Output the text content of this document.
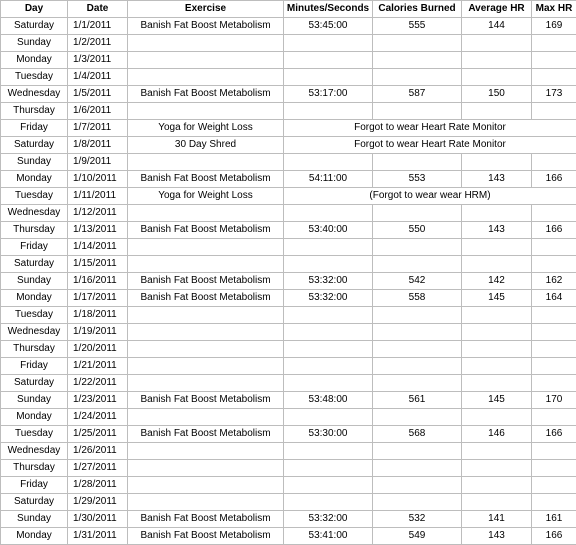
Day	Date	Exercise	Minutes/Seconds	Calories Burned	Average HR	Max HR
Saturday	1/1/2011	Banish Fat Boost Metabolism	53:45:00	555	144	169
Sunday	1/2/2011					
Monday	1/3/2011					
Tuesday	1/4/2011					
Wednesday	1/5/2011	Banish Fat Boost Metabolism	53:17:00	587	150	173
Thursday	1/6/2011					
Friday	1/7/2011	Yoga for Weight Loss	Forgot to wear Heart Rate Monitor			
Saturday	1/8/2011	30 Day Shred	Forgot to wear Heart Rate Monitor			
Sunday	1/9/2011					
Monday	1/10/2011	Banish Fat Boost Metabolism	54:11:00	553	143	166
Tuesday	1/11/2011	Yoga for Weight Loss	(Forgot to wear wear HRM)			
Wednesday	1/12/2011					
Thursday	1/13/2011	Banish Fat Boost Metabolism	53:40:00	550	143	166
Friday	1/14/2011					
Saturday	1/15/2011					
Sunday	1/16/2011	Banish Fat Boost Metabolism	53:32:00	542	142	162
Monday	1/17/2011	Banish Fat Boost Metabolism	53:32:00	558	145	164
Tuesday	1/18/2011					
Wednesday	1/19/2011					
Thursday	1/20/2011					
Friday	1/21/2011					
Saturday	1/22/2011					
Sunday	1/23/2011	Banish Fat Boost Metabolism	53:48:00	561	145	170
Monday	1/24/2011					
Tuesday	1/25/2011	Banish Fat Boost Metabolism	53:30:00	568	146	166
Wednesday	1/26/2011					
Thursday	1/27/2011					
Friday	1/28/2011					
Saturday	1/29/2011					
Sunday	1/30/2011	Banish Fat Boost Metabolism	53:32:00	532	141	161
Monday	1/31/2011	Banish Fat Boost Metabolism	53:41:00	549	143	166
